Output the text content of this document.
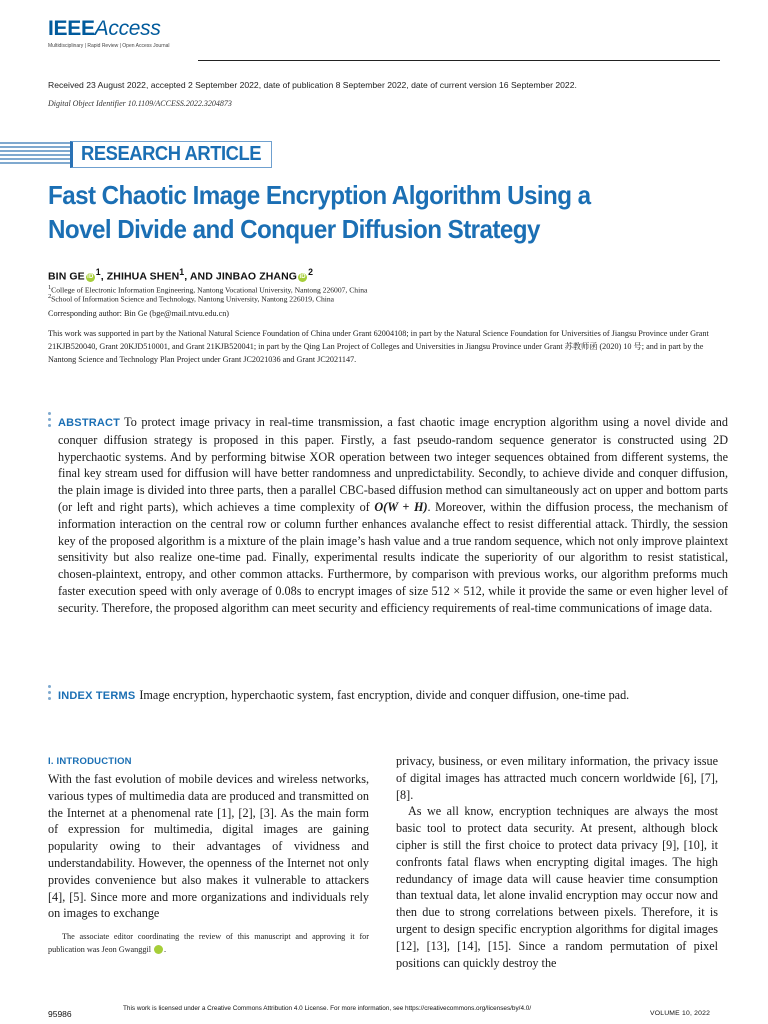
IEEEAccess
Multidisciplinary | Rapid Review | Open Access Journal
Received 23 August 2022, accepted 2 September 2022, date of publication 8 September 2022, date of current version 16 September 2022.
Digital Object Identifier 10.1109/ACCESS.2022.3204873
RESEARCH ARTICLE
Fast Chaotic Image Encryption Algorithm Using a Novel Divide and Conquer Diffusion Strategy
BIN GE iD $^1$, ZHIHUA SHEN$^1$, AND JINBAO ZHANG iD $^2$
$^1$College of Electronic Information Engineering, Nantong Vocational University, Nantong 226007, China
$^2$School of Information Science and Technology, Nantong University, Nantong 226019, China
Corresponding author: Bin Ge (bge@mail.ntvu.edu.cn)
This work was supported in part by the National Natural Science Foundation of China under Grant 62004108; in part by the Natural Science Foundation for Universities of Jiangsu Province under Grant 21KJB520040, Grant 20KJD510001, and Grant 21KJB520041; in part by the Qing Lan Project of Colleges and Universities in Jiangsu Province under Grant 苏教师函 (2020) 10 号; and in part by the Nantong Science and Technology Plan Project under Grant JC2021036 and Grant JC2021147.
ABSTRACT To protect image privacy in real-time transmission, a fast chaotic image encryption algorithm using a novel divide and conquer diffusion strategy is proposed in this paper. Firstly, a fast pseudo-random sequence generator is constructed using 2D hyperchaotic systems. And by performing bitwise XOR operation between two integer sequences obtained from different systems, the final key stream used for diffusion will have better randomness and unpredictability. Secondly, to achieve divide and conquer diffusion, the plain image is divided into three parts, then a parallel CBC-based diffusion method can simultaneously act on upper and bottom parts (or left and right parts), which achieves a time complexity of O(W + H). Moreover, within the diffusion process, the mechanism of information interaction on the central row or column further enhances avalanche effect to resist differential attack. Thirdly, the session key of the proposed algorithm is a mixture of the plain image’s hash value and a true random sequence, which not only improve plaintext sensitivity but also realize one-time pad. Finally, experimental results indicate the superiority of our algorithm to resist statistical, chosen-plaintext, entropy, and other common attacks. Furthermore, by comparison with previous works, our algorithm preforms much faster execution speed with only average of 0.08s to encrypt images of size 512 × 512, while it provide the same or even higher level of security. Therefore, the proposed algorithm can meet security and efficiency requirements of real-time communications of image data.
INDEX TERMS Image encryption, hyperchaotic system, fast encryption, divide and conquer diffusion, one-time pad.
I. INTRODUCTION

With the fast evolution of mobile devices and wireless networks, various types of multimedia data are produced and transmitted on the Internet at a phenomenal rate [1], [2], [3]. As the main form of expression for multimedia, digital images are gaining popularity owing to their advantages of vividness and understandability. However, the openness of the Internet not only provides convenience but also makes it vulnerable to attackers [4], [5]. Since more and more organizations and individuals rely on images to exchange

privacy, business, or even military information, the privacy issue of digital images has attracted much concern worldwide [6], [7], [8].

As we all know, encryption techniques are always the most basic tool to protect data security. At present, although block cipher is still the first choice to protect data privacy [9], [10], it confronts fatal flaws when encrypting digital images. The high redundancy of image data will cause heavier time consumption than textual data, let alone invalid encryption may occur now and then due to strong correlations between pixels. Therefore, it is urgent to design specific encryption algorithms for digital images [12], [13], [14], [15]. Since a random permutation of pixel positions can quickly destroy the

The associate editor coordinating the review of this manuscript and approving it for publication was Jeon Gwanggil	iD.
95986
This work is licensed under a Creative Commons Attribution 4.0 License. For more information, see https://creativecommons.org/licenses/by/4.0/
VOLUME 10, 2022
